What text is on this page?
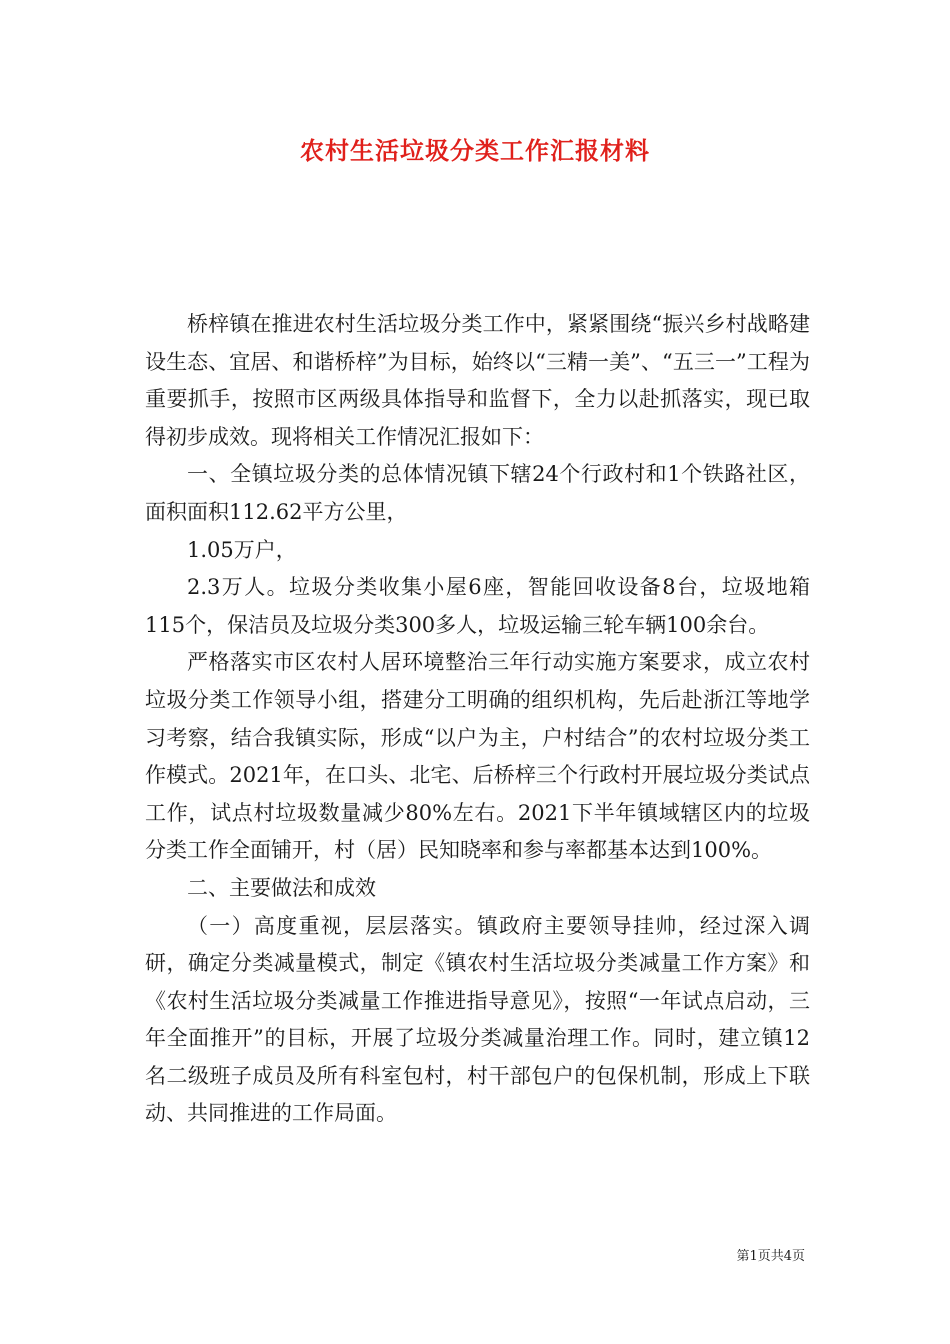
农村生活垃圾分类工作汇报材料

桥梓镇在推进农村生活垃圾分类工作中，紧紧围绕“振兴乡村战略建设生态、宜居、和谐桥梓”为目标，始终以“三精一美”、“五三一”工程为重要抓手，按照市区两级具体指导和监督下，全力以赴抓落实，现已取得初步成效。现将相关工作情况汇报如下：

一、全镇垃圾分类的总体情况镇下辖24个行政村和1个铁路社区，面积面积112.62平方公里，

1.05万户，

2.3万人。垃圾分类收集小屋6座，智能回收设备8台，垃圾地箱115个，保洁员及垃圾分类300多人，垃圾运输三轮车辆100余台。

严格落实市区农村人居环境整治三年行动实施方案要求，成立农村垃圾分类工作领导小组，搭建分工明确的组织机构，先后赴浙江等地学习考察，结合我镇实际，形成“以户为主，户村结合”的农村垃圾分类工作模式。2021年，在口头、北宅、后桥梓三个行政村开展垃圾分类试点工作，试点村垃圾数量减少80%左右。2021下半年镇域辖区内的垃圾分类工作全面铺开，村（居）民知晓率和参与率都基本达到100%。

二、主要做法和成效

（一）高度重视，层层落实。镇政府主要领导挂帅，经过深入调研，确定分类减量模式，制定《镇农村生活垃圾分类减量工作方案》和《农村生活垃圾分类减量工作推进指导意见》，按照“一年试点启动，三年全面推开”的目标，开展了垃圾分类减量治理工作。同时，建立镇12名二级班子成员及所有科室包村，村干部包户的包保机制，形成上下联动、共同推进的工作局面。

第1页共4页
